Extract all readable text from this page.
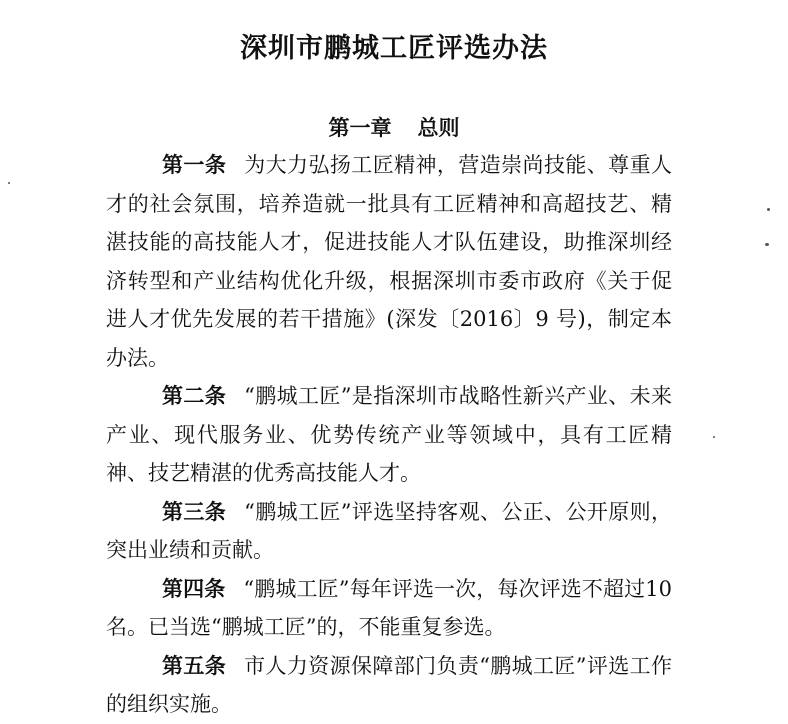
深圳市鹏城工匠评选办法
第一章 总则

第一条 为大力弘扬工匠精神，营造崇尚技能、尊重人才的社会氛围，培养造就一批具有工匠精神和高超技艺、精湛技能的高技能人才，促进技能人才队伍建设，助推深圳经济转型和产业结构优化升级，根据深圳市委市政府《关于促进人才优先发展的若干措施》(深发〔2016〕9 号)，制定本办法。

第二条 “鹏城工匠”是指深圳市战略性新兴产业、未来产业、现代服务业、优势传统产业等领域中，具有工匠精神、技艺精湛的优秀高技能人才。

第三条 “鹏城工匠”评选坚持客观、公正、公开原则，突出业绩和贡献。

第四条 “鹏城工匠”每年评选一次，每次评选不超过10名。已当选“鹏城工匠”的，不能重复参选。

第五条 市人力资源保障部门负责“鹏城工匠”评选工作的组织实施。
